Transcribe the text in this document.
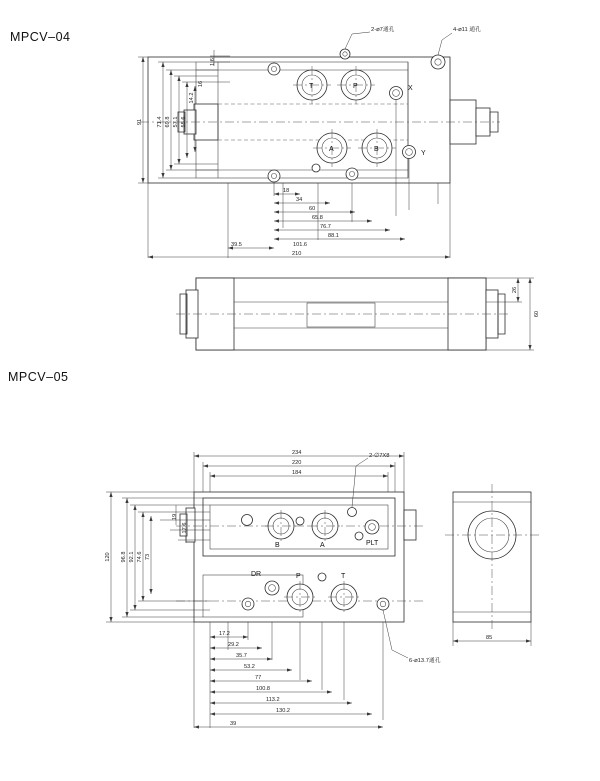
MPCV–04
MPCV–05
T	P	X
A	B
Y
2-⌀7通孔	4-⌀11 通孔
18
34
60
65.8
76.7
88.1
101.6
210
39.5
91	71.4 69.8 57.1 55.6
14.2
16
1.6
26
60
B	A	PLT
DR	P	T
2-∅7X8
6-⌀13.7通孔
234
220
184
17.2
29.2
35.7
53.2
77
100.8
113.2
130.2
39
120 96.8 92.1 74.6 73
17.6
19
85
